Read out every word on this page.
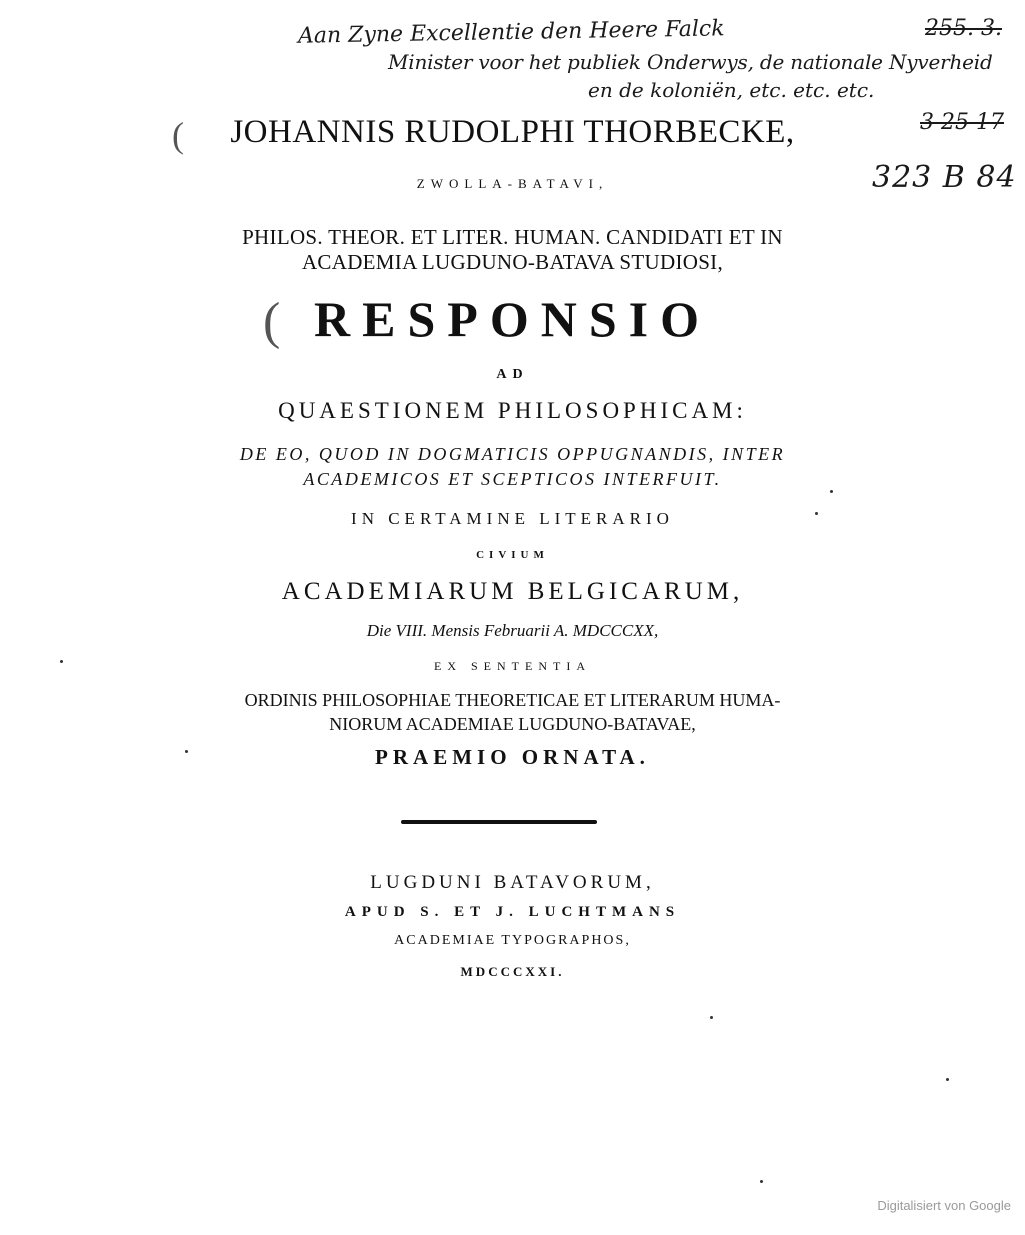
Aan Zyne Excellentie den Heere Falck
Minister voor het publiek Onderwys, de nationale Nyverheid
en de koloniën, etc. etc. etc.
255. 3.
3 25 17
323 B 84
JOHANNIS RUDOLPHI THORBECKE,
(
ZWOLLA-BATAVI,
PHILOS. THEOR. ET LITER. HUMAN. CANDIDATI ET IN
ACADEMIA LUGDUNO-BATAVA STUDIOSI,
( RESPONSIO
AD
QUAESTIONEM PHILOSOPHICAM:
DE EO, QUOD IN DOGMATICIS OPPUGNANDIS, INTER
ACADEMICOS ET SCEPTICOS INTERFUIT.
IN CERTAMINE LITERARIO
CIVIUM
ACADEMIARUM BELGICARUM,
Die VIII. Mensis Februarii A. MDCCCXX,
EX SENTENTIA
ORDINIS PHILOSOPHIAE THEORETICAE ET LITERARUM HUMA-
NIORUM ACADEMIAE LUGDUNO-BATAVAE,
PRAEMIO ORNATA.
LUGDUNI BATAVORUM,
APUD S. ET J. LUCHTMANS
ACADEMIAE TYPOGRAPHOS,
MDCCCXXI.
Digitalisiert von Google
